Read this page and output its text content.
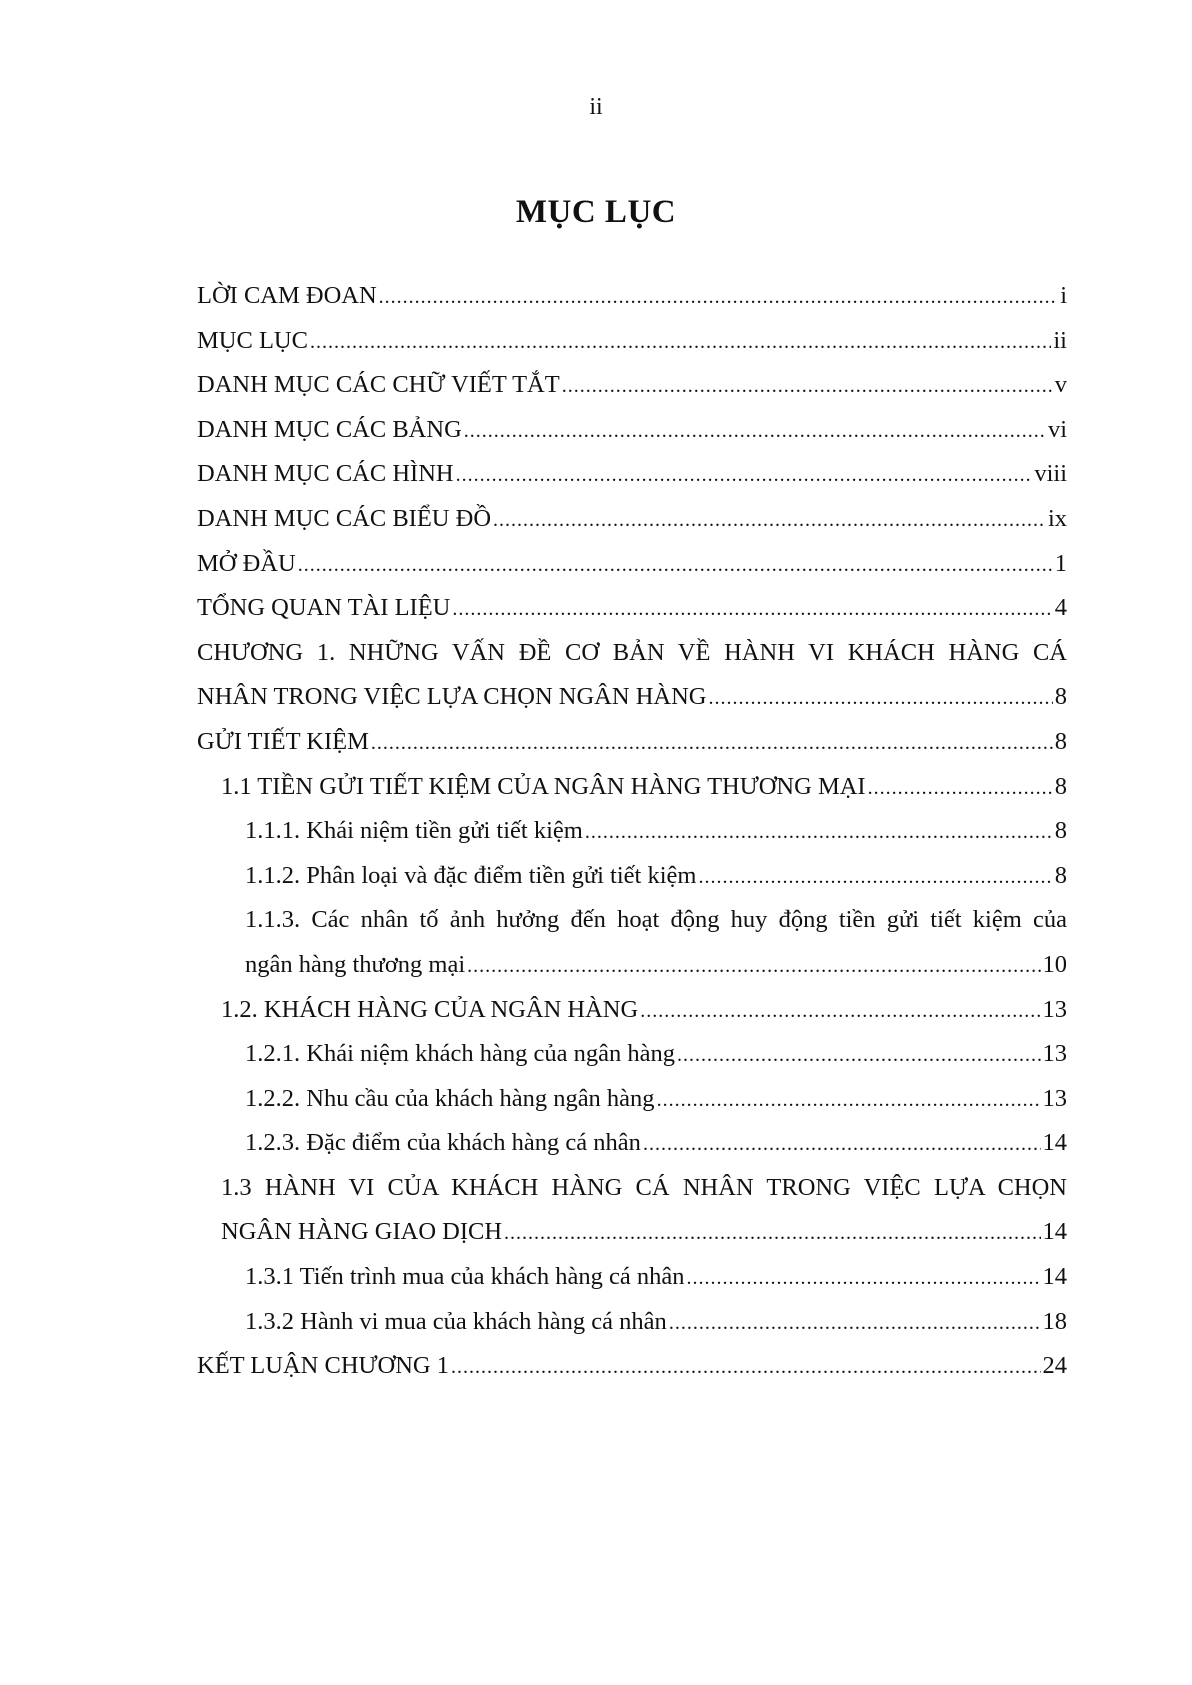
ii
MỤC LỤC
LỜI CAM ĐOAN .....	i
MỤC LỤC .....	ii
DANH MỤC CÁC CHỮ VIẾT TẮT .....	v
DANH MỤC CÁC BẢNG .....	vi
DANH MỤC CÁC HÌNH .....	viii
DANH MỤC CÁC BIỂU ĐỒ .....	ix
MỞ ĐẦU .....	1
TỔNG QUAN TÀI LIỆU .....	4
CHƯƠNG 1. NHỮNG VẤN ĐỀ CƠ BẢN VỀ HÀNH VI KHÁCH HÀNG CÁ
NHÂN TRONG VIỆC LỰA CHỌN NGÂN HÀNG .....	8
GỬI TIẾT KIỆM .....	8
1.1 TIỀN GỬI TIẾT KIỆM CỦA NGÂN HÀNG THƯƠNG MẠI .....	8
1.1.1. Khái niệm tiền gửi tiết kiệm .....	8
1.1.2. Phân loại và đặc điểm tiền gửi tiết kiệm .....	8
1.1.3. Các nhân tố ảnh hưởng đến hoạt động huy động tiền gửi tiết kiệm của
ngân hàng thương mại .....	10
1.2. KHÁCH HÀNG CỦA NGÂN HÀNG .....	13
1.2.1. Khái niệm khách hàng của ngân hàng .....	13
1.2.2. Nhu cầu của khách hàng ngân hàng .....	13
1.2.3. Đặc điểm của khách hàng cá nhân .....	14
1.3 HÀNH VI CỦA KHÁCH HÀNG CÁ NHÂN TRONG VIỆC LỰA CHỌN
NGÂN HÀNG GIAO DỊCH .....	14
1.3.1 Tiến trình mua của khách hàng cá nhân .....	14
1.3.2 Hành vi mua của khách hàng cá nhân .....	18
KẾT LUẬN CHƯƠNG 1 .....	24
